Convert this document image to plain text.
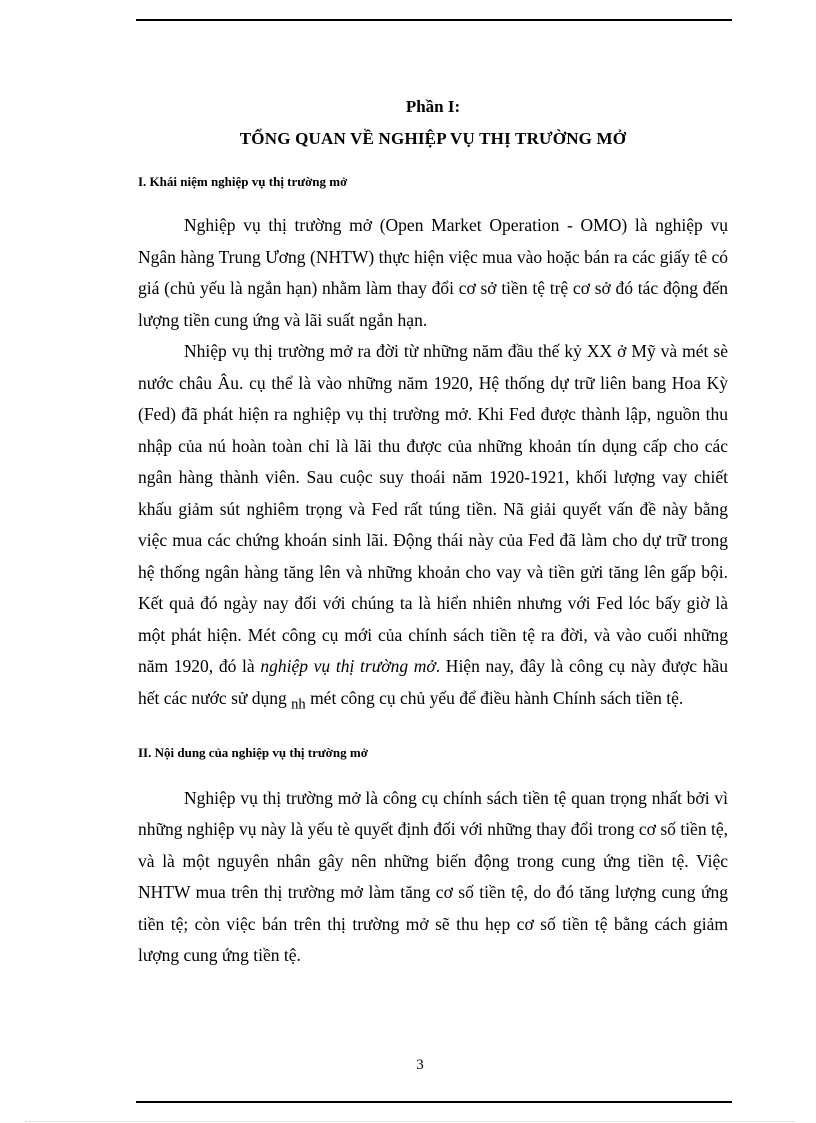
Phần I:

TỔNG QUAN VỀ NGHIỆP VỤ THỊ TRƯỜNG MỞ

I. Khái niệm nghiệp vụ thị trường mở

Nghiệp vụ thị trường mở (Open Market Operation - OMO) là nghiệp vụ Ngân hàng Trung Ương (NHTW) thực hiện việc mua vào hoặc bán ra các giấy tê có giá (chủ yếu là ngắn hạn) nhằm làm thay đổi cơ sở tiền tệ trệ cơ sở đó tác động đến lượng tiền cung ứng và lãi suất ngắn hạn.

Nhiệp vụ thị trường mở ra đời từ những năm đầu thế kỷ XX ở Mỹ và mét sè nước châu Âu. cụ thể là vào những năm 1920, Hệ thống dự trữ liên bang Hoa Kỳ (Fed) đã phát hiện ra nghiệp vụ thị trường mở. Khi Fed được thành lập, nguồn thu nhập của nú hoàn toàn chỉ là lãi thu được của những khoản tín dụng cấp cho các ngân hàng thành viên. Sau cuộc suy thoái năm 1920-1921, khối lượng vay chiết khấu giảm sút nghiêm trọng và Fed rất túng tiền. Nã giải quyết vấn đề này bằng việc mua các chứng khoán sinh lãi. Động thái này của Fed đã làm cho dự trữ trong hệ thống ngân hàng tăng lên và những khoản cho vay và tiền gửi tăng lên gấp bội. Kết quả đó ngày nay đối với chúng ta là hiển nhiên nhưng với Fed lóc bấy giờ là một phát hiện. Mét công cụ mới của chính sách tiền tệ ra đời, và vào cuối những năm 1920, đó là nghiệp vụ thị trường mở. Hiện nay, đây là công cụ này được hầu hết các nước sử dụng $_{nh}$ mét công cụ chủ yếu để điều hành Chính sách tiền tệ.

II. Nội dung của nghiệp vụ thị trường mở

Nghiệp vụ thị trường mở là công cụ chính sách tiền tệ quan trọng nhất bởi vì những nghiệp vụ này là yếu tè quyết định đối với những thay đổi trong cơ số tiền tệ, và là một nguyên nhân gây nên những biến động trong cung ứng tiền tệ. Việc NHTW mua trên thị trường mở làm tăng cơ số tiền tệ, do đó tăng lượng cung ứng tiền tệ; còn việc bán trên thị trường mở sẽ thu hẹp cơ số tiền tệ bằng cách giảm lượng cung ứng tiền tệ.

3
